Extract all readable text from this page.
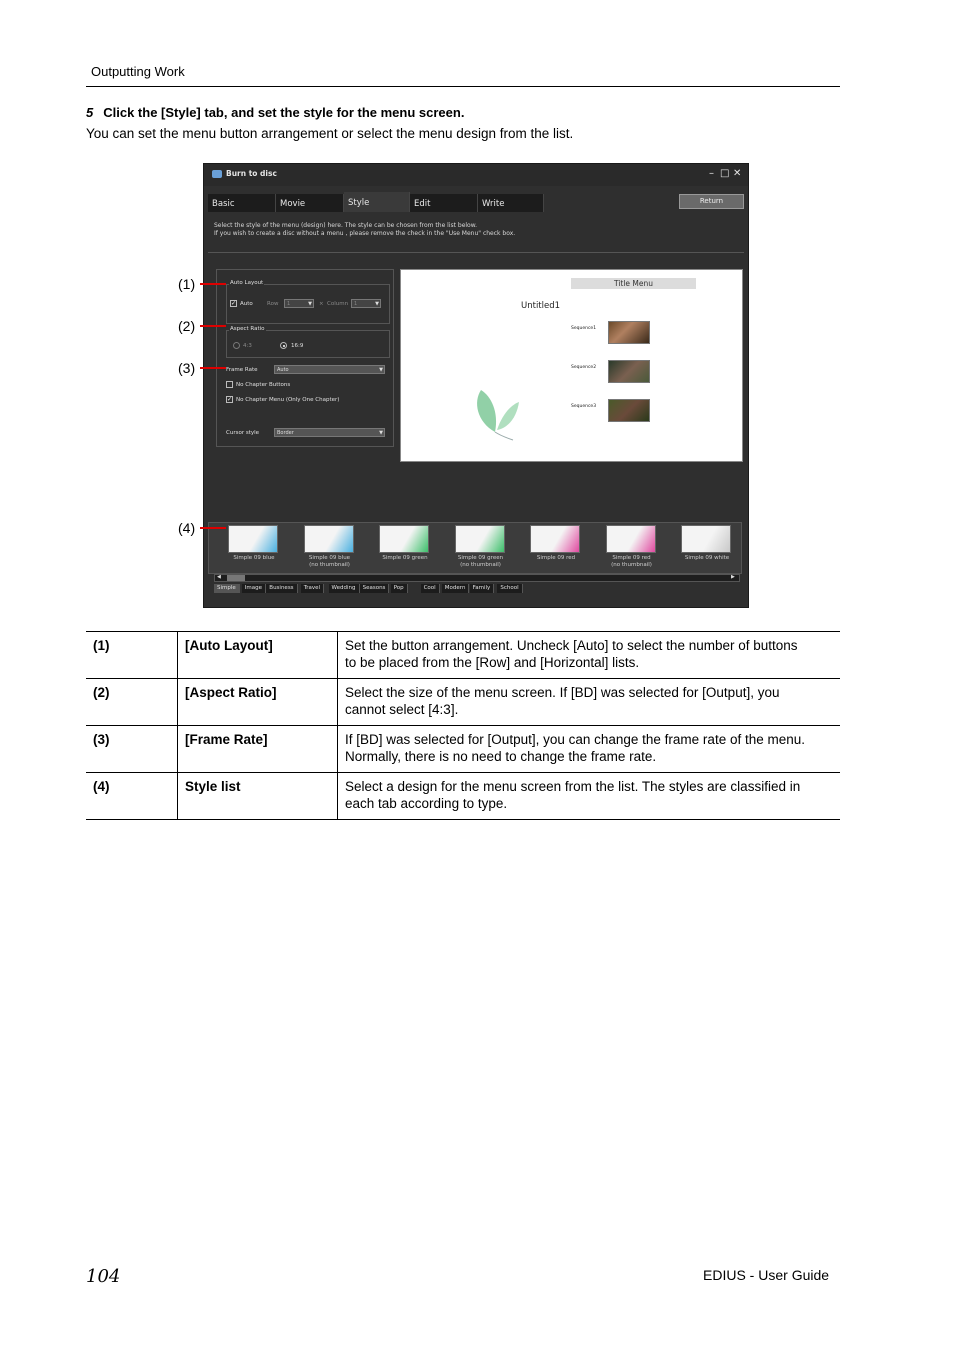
Outputting Work
5 Click the [Style] tab, and set the style for the menu screen.
You can set the menu button arrangement or select the menu design from the list.
Burn to disc	– □ ✕
Basic	Movie	Style	Edit	Write	Return
Select the style of the menu (design) here. The style can be chosen from the list below.
If you wish to create a disc without a menu , please remove the check in the "Use Menu" check box.
Auto Layout
✓ Auto	Row	1	▼ × Column	1	▼
Aspect Ratio
4:3	16:9
Frame Rate	Auto	▼
No Chapter Buttons
✓ No Chapter Menu (Only One Chapter)
Cursor style	Border	▼
Title Menu
Untitled1
Sequence1
Sequence2
Sequence3
◀	▶
Simple	Image	Business	Travel	Wedding	Seasons	Pop	Cool	Modern	Family	School
Simple 09 blue	Simple 09 blue
(no thumbnail)
Simple 09 green	Simple 09 green
(no thumbnail)
Simple 09 red	Simple 09 red
(no thumbnail)
Simple 09 white
(1)
(2)
(3)
(4)
(1)	[Auto Layout]	Set the button arrangement. Uncheck [Auto] to select the number of buttons
to be placed from the [Row] and [Horizontal] lists.

(2)	[Aspect Ratio]	Select the size of the menu screen. If [BD] was selected for [Output], you
cannot select [4:3].

(3)	[Frame Rate]	If [BD] was selected for [Output], you can change the frame rate of the menu.
Normally, there is no need to change the frame rate.

(4)	Style list	Select a design for the menu screen from the list. The styles are classified in
each tab according to type.
104	EDIUS - User Guide
